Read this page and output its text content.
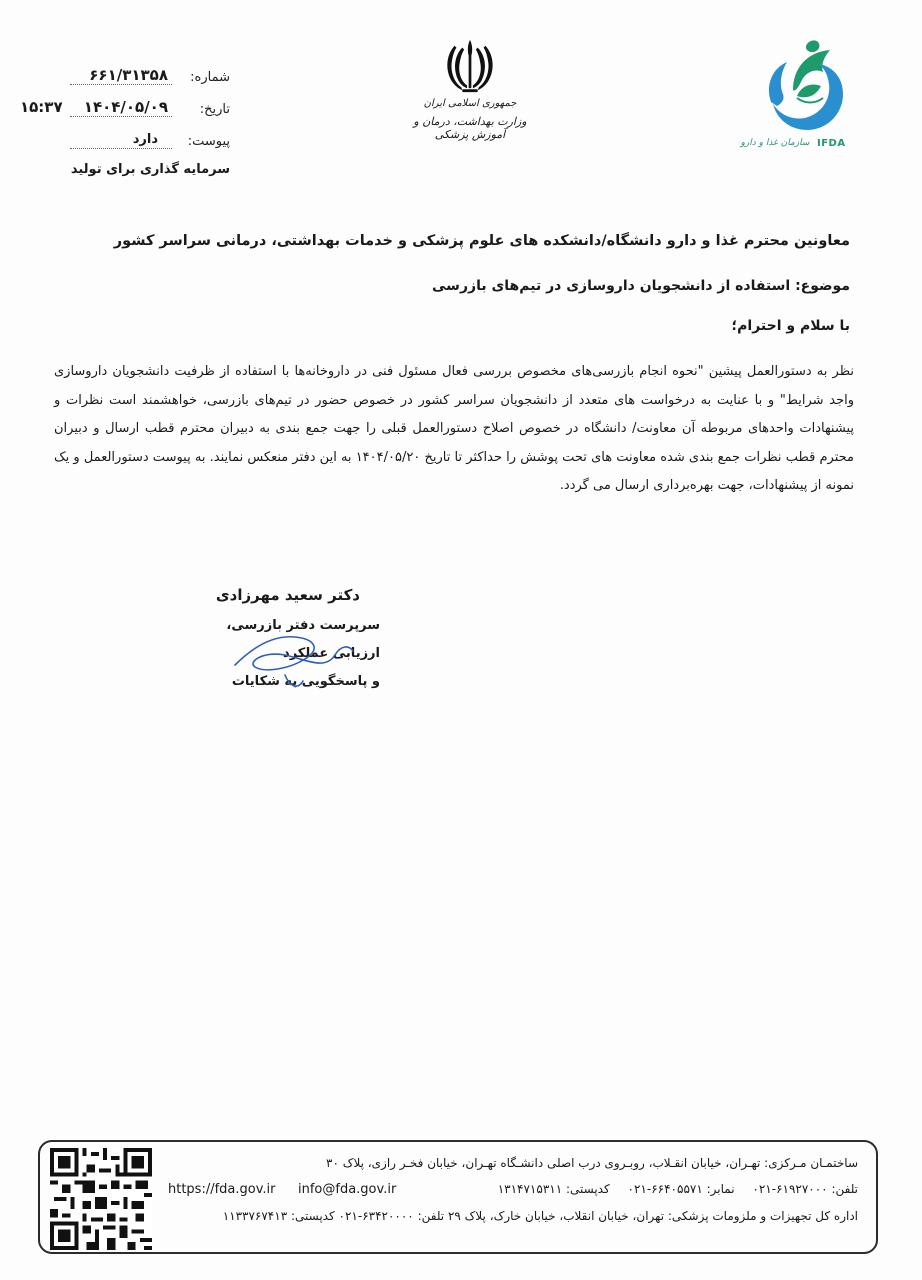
شماره:
۶۶۱/۳۱۳۵۸
تاریخ:
۱۴۰۴/۰۵/۰۹
۱۵:۳۷
پیوست:
دارد
سرمایه گذاری برای تولید
جمهوری اسلامی ایران
وزارت بهداشت، درمان و آموزش پزشکی
سازمان غذا و دارو IFDA
معاونین محترم غذا و دارو دانشگاه/دانشکده های علوم پزشکی و خدمات بهداشتی، درمانی سراسر کشور
موضوع: استفاده از دانشجویان داروسازی در تیم‌های بازرسی
با سلام و احترام؛
نظر به دستورالعمل پیشین "نحوه انجام بازرسی‌های مخصوص بررسی فعال مسئول فنی در داروخانه‌ها با استفاده از ظرفیت دانشجویان داروسازی واجد شرایط" و با عنایت به درخواست های متعدد از دانشجویان سراسر کشور در خصوص حضور در تیم‌های بازرسی، خواهشمند است نظرات و پیشنهادات واحدهای مربوطه آن معاونت/ دانشگاه در خصوص اصلاح دستورالعمل قبلی را جهت جمع بندی به دبیران محترم قطب ارسال و دبیران محترم قطب نظرات جمع بندی شده معاونت های تحت پوشش را حداکثر تا تاریخ ۱۴۰۴/۰۵/۲۰ به این دفتر منعکس نمایند. به پیوست دستورالعمل و یک نمونه از پیشنهادات، جهت بهره‌برداری ارسال می گردد.
دکتر سعید مهرزادی
سرپرست دفتر بازرسی، ارزیابی عملکرد
و پاسخگویی به شکایات
ساختمـان مـرکزی: تهـران، خیابان انقـلاب، روبـروی درب اصلی دانشـگاه تهـران، خیابان فخـر رازی، پلاک ۳۰
تلفن: ۶۱۹۲۷۰۰۰-۰۲۱ نمابر: ۶۶۴۰۵۵۷۱-۰۲۱ کدپستی: ۱۳۱۴۷۱۵۳۱۱
info@fda.gov.ir
https://fda.gov.ir
اداره کل تجهیزات و ملزومات پزشکی: تهران، خیابان انقلاب، خیابان خارک، پلاک ۲۹ تلفن: ۶۳۴۲۰۰۰۰-۰۲۱ کدپستی: ۱۱۳۳۷۶۷۴۱۳
